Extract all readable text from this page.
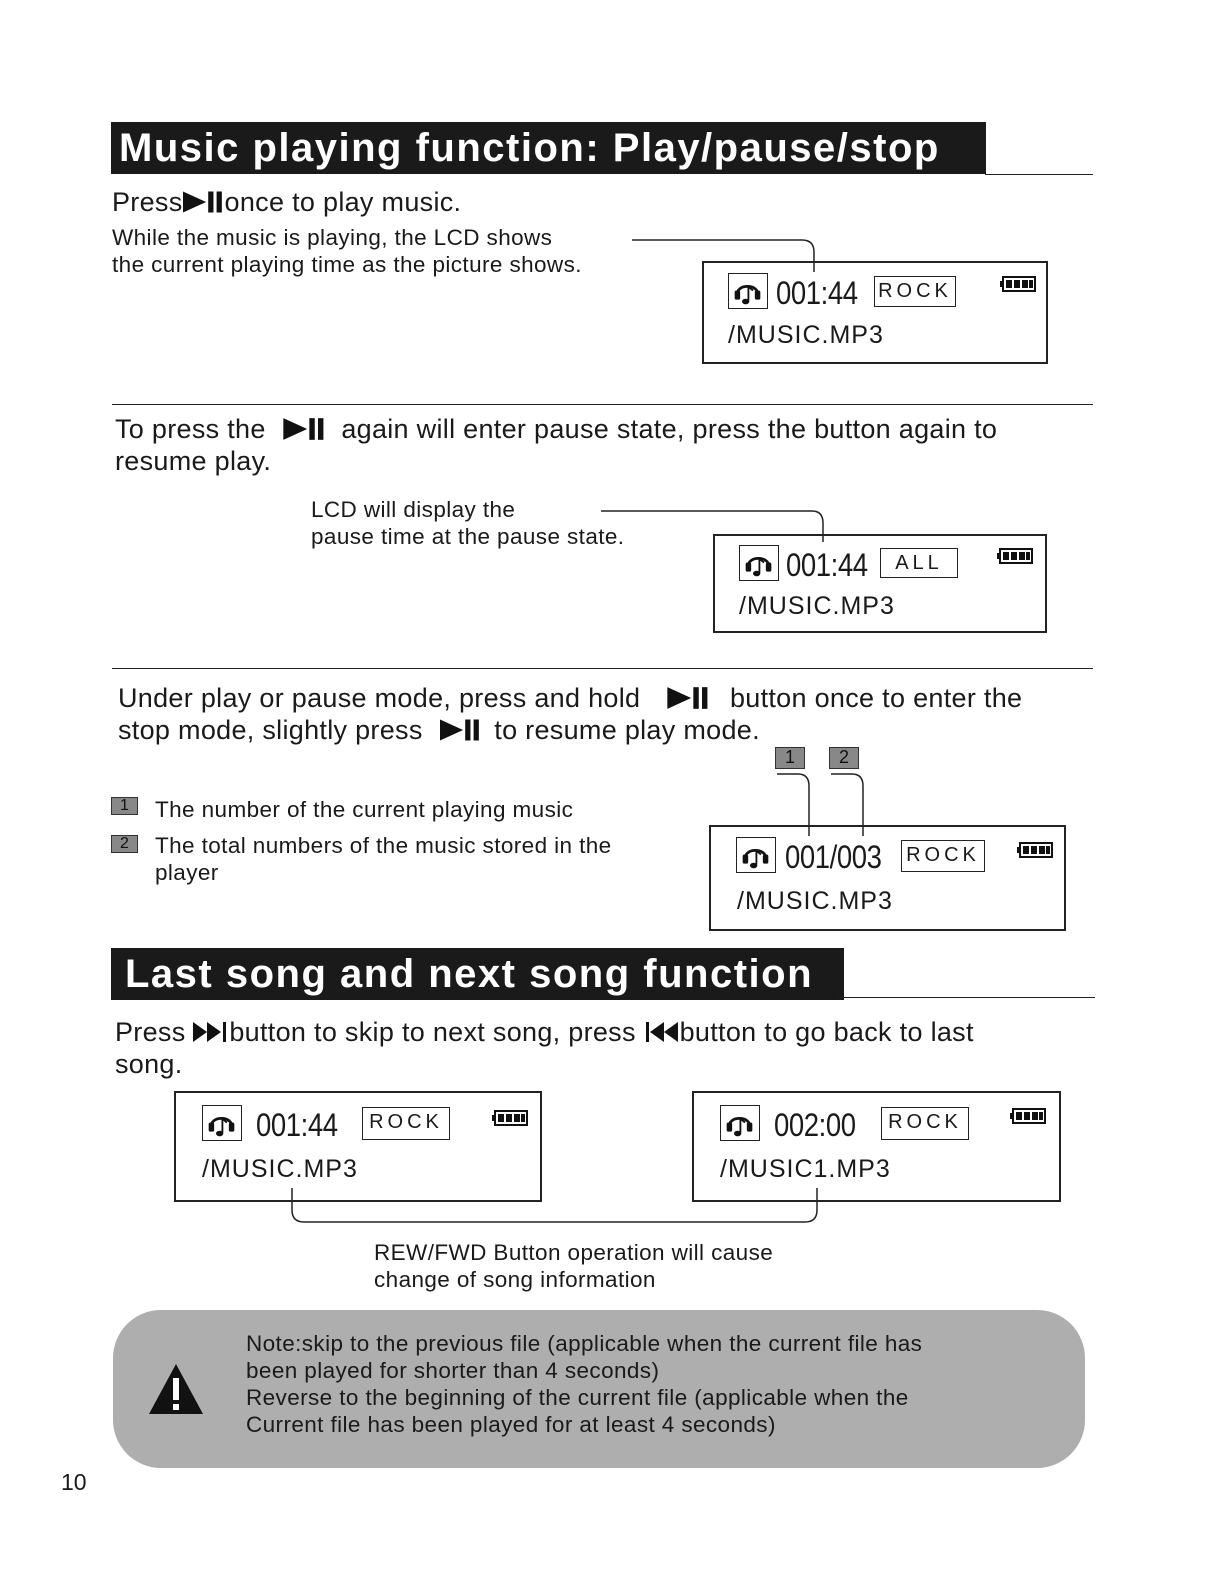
Music playing function: Play/pause/stop
Press once to play music.
While the music is playing, the LCD shows
the current playing time as the picture shows.
001:44 ROCK
/MUSIC.MP3
To press the	again will enter pause state, press the button again to
resume play.
LCD will display the
pause time at the pause state.
001:44	ALL
/MUSIC.MP3
Under play or pause mode, press and hold	button once to enter the
stop mode, slightly press	to resume play mode.
1	2
1	The number of the current playing music
2	The total numbers of the music stored in the
player	001/003 ROCK
/MUSIC.MP3
Last song and next song function
Press button to skip to next song, press button to go back to last
song.
001:44	ROCK
/MUSIC.MP3
002:00	ROCK
/MUSIC1.MP3
REW/FWD Button operation will cause
change of song information
Note:skip to the previous file (applicable when the current file has
been played for shorter than 4 seconds)
Reverse to the beginning of the current file (applicable when the
Current file has been played for at least 4 seconds)
10
